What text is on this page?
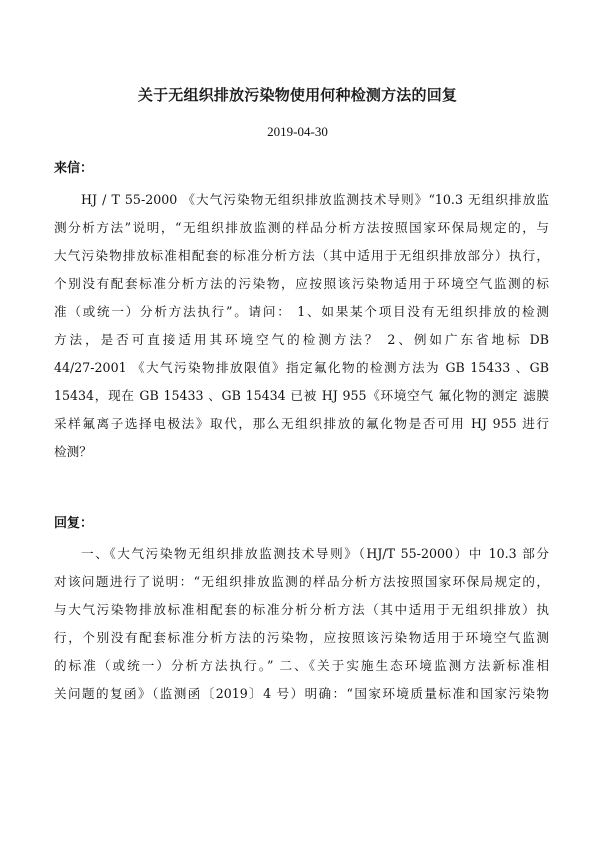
关于无组织排放污染物使用何种检测方法的回复
2019-04-30
来信：
HJ / T 55-2000 《大气污染物无组织排放监测技术导则》“10.3 无组织排放监
测分析方法”说明，“无组织排放监测的样品分析方法按照国家环保局规定的，与
大气污染物排放标准相配套的标准分析方法（其中适用于无组织排放部分）执行，
个别没有配套标准分析方法的污染物，应按照该污染物适用于环境空气监测的标
准（或统一）分析方法执行”。请问： 1、如果某个项目没有无组织排放的检测
方法，是否可直接适用其环境空气的检测方法？ 2、例如广东省地标 DB
44/27-2001 《大气污染物排放限值》指定氟化物的检测方法为 GB 15433 、GB
15434，现在 GB 15433 、GB 15434 已被 HJ 955《环境空气 氟化物的测定 滤膜
采样氟离子选择电极法》取代，那么无组织排放的氟化物是否可用 HJ 955 进行
检测？
回复：
一、《大气污染物无组织排放监测技术导则》（HJ/T 55-2000）中 10.3 部分
对该问题进行了说明：“无组织排放监测的样品分析方法按照国家环保局规定的，
与大气污染物排放标准相配套的标准分析分析方法（其中适用于无组织排放）执
行，个别没有配套标准分析方法的污染物，应按照该污染物适用于环境空气监测
的标准（或统一）分析方法执行。” 二、《关于实施生态环境监测方法新标准相
关问题的复函》（监测函〔2019〕4 号）明确：“国家环境质量标准和国家污染物
